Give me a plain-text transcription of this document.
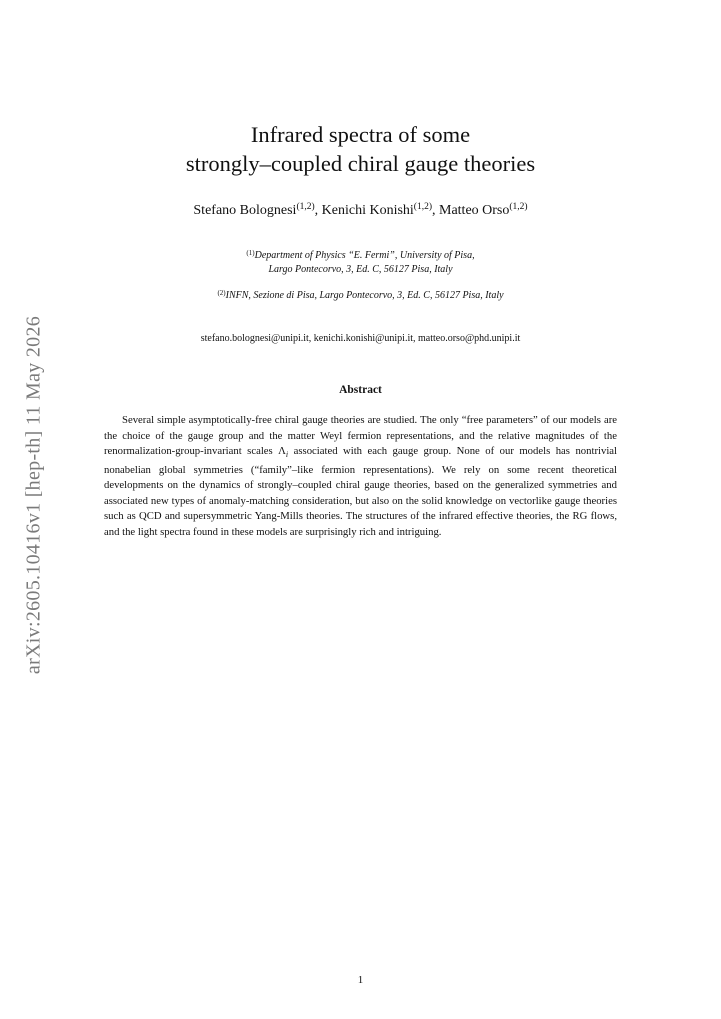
arXiv:2605.10416v1 [hep-th] 11 May 2026
Infrared spectra of some
strongly–coupled chiral gauge theories
Stefano Bolognesi$^{(1,2)}$, Kenichi Konishi$^{(1,2)}$, Matteo Orso$^{(1,2)}$
$^{(1)}$Department of Physics “E. Fermi”, University of Pisa,
Largo Pontecorvo, 3, Ed. C, 56127 Pisa, Italy
$^{(2)}$INFN, Sezione di Pisa, Largo Pontecorvo, 3, Ed. C, 56127 Pisa, Italy
stefano.bolognesi@unipi.it, kenichi.konishi@unipi.it, matteo.orso@phd.unipi.it
Abstract

Several simple asymptotically-free chiral gauge theories are studied. The only “free parameters” of our models are the choice of the gauge group and the matter Weyl fermion representations, and the relative magnitudes of the renormalization-group-invariant scales $\Lambda_i$ associated with each gauge group. None of our models has nontrivial nonabelian global symmetries (“family”–like fermion representations). We rely on some recent theoretical developments on the dynamics of strongly–coupled chiral gauge theories, based on the generalized symmetries and associated new types of anomaly-matching consideration, but also on the solid knowledge on vectorlike gauge theories such as QCD and supersymmetric Yang-Mills theories. The structures of the infrared effective theories, the RG flows, and the light spectra found in these models are surprisingly rich and intriguing.

1
